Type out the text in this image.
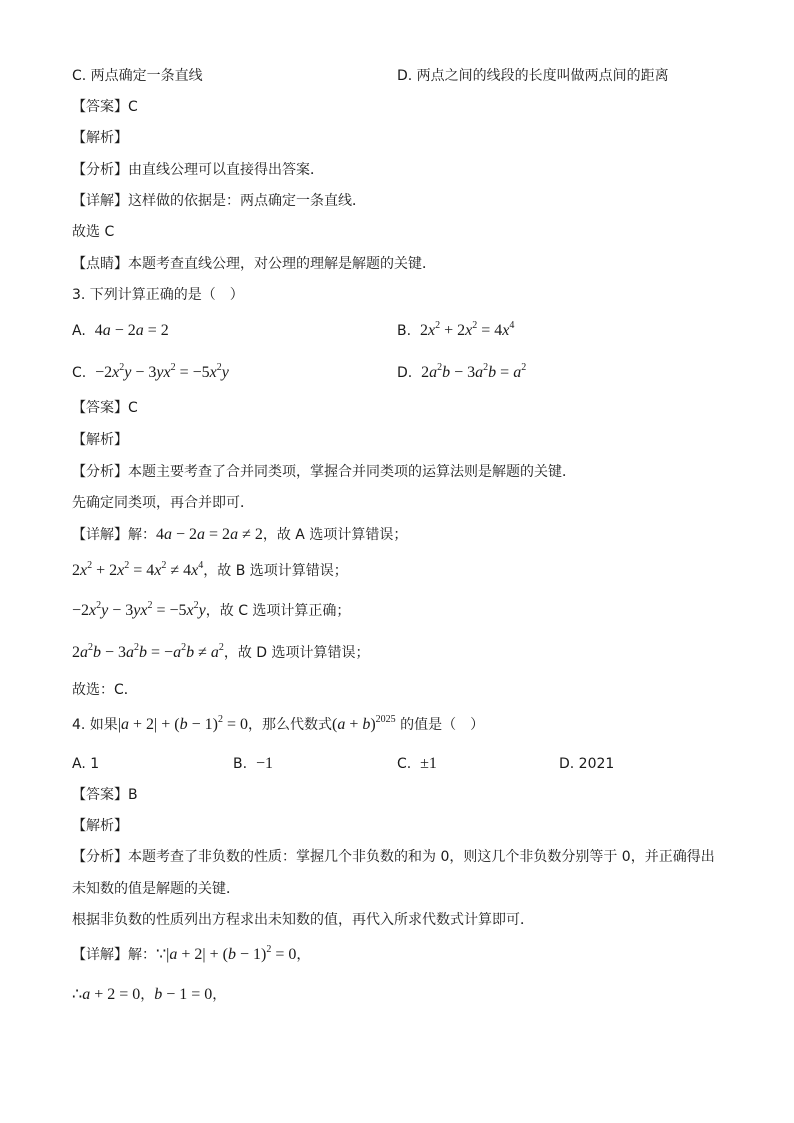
C. 两点确定一条直线	D. 两点之间的线段的长度叫做两点间的距离
【答案】C
【解析】
【分析】由直线公理可以直接得出答案．
【详解】这样做的依据是：两点确定一条直线．
故选 C
【点睛】本题考查直线公理，对公理的理解是解题的关键．
3. 下列计算正确的是（　）
A.  4a − 2a = 2	B.  $2x^2 + 2x^2 = 4x^4$
C.  $-2x^2y - 3yx^2 = -5x^2y$	D.  $2a^2b - 3a^2b = a^2$
【答案】C
【解析】
【分析】本题主要考查了合并同类项，掌握合并同类项的运算法则是解题的关键．
先确定同类项，再合并即可．
【详解】解：4a − 2a = 2a ≠ 2，故 A 选项计算错误；
$2x^2 + 2x^2 = 4x^2 \ne 4x^4$，故 B 选项计算错误；
$-2x^2y - 3yx^2 = -5x^2y$，故 C 选项计算正确；
$2a^2b - 3a^2b = -a^2b \ne a^2$，故 D 选项计算错误；
故选：C．
4. 如果$|a + 2| + (b - 1)^2 = 0$，那么代数式$(a + b)^{2025}$ 的值是（　）
A. 1	B. −1	C. ±1	D. 2021
【答案】B
【解析】
【分析】本题考查了非负数的性质：掌握几个非负数的和为 0，则这几个非负数分别等于 0，并正确得出
未知数的值是解题的关键．
根据非负数的性质列出方程求出未知数的值，再代入所求代数式计算即可．
【详解】解：∵|a + $2| + (b - 1)^2 = 0$，
∴a + 2 = 0，b − 1 = 0，
